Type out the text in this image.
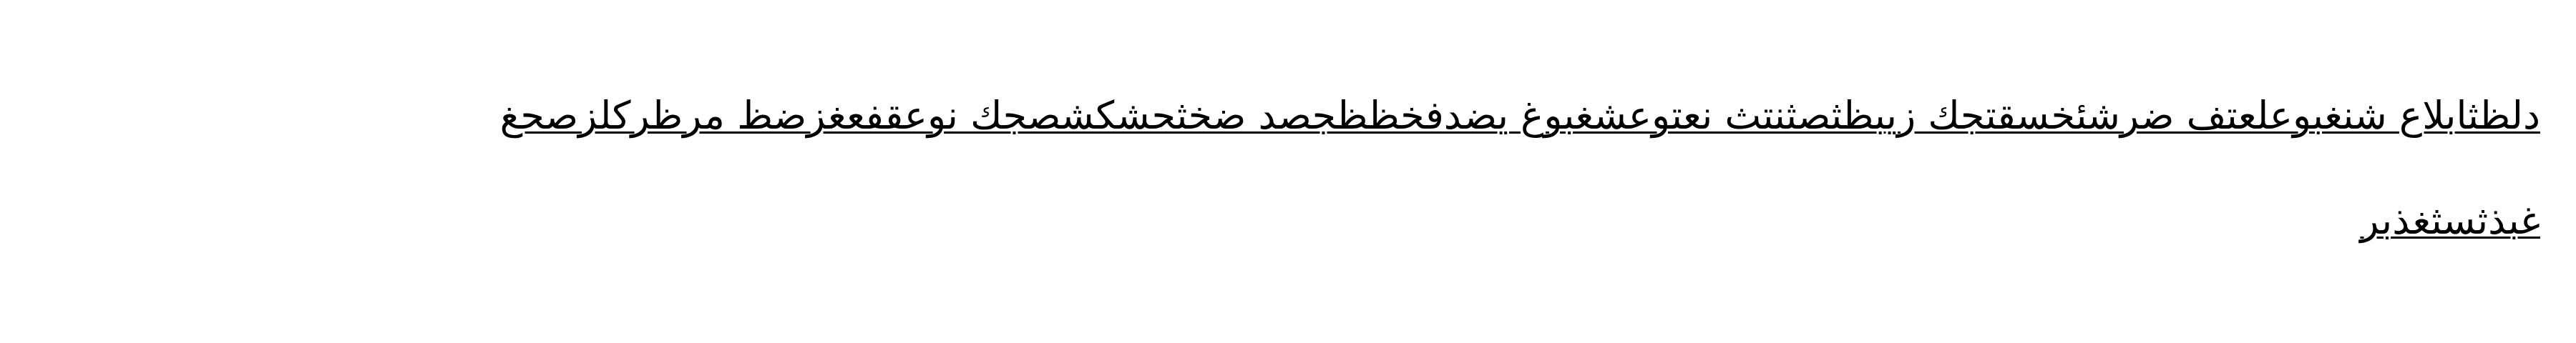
دلظثابلاع شنغبوعلعتف ضرشئخسقتجك زيبظثصثنتث نعتوعشغبوغ يضدفخظظجصد ضخثحشكشصجك نوعقفعغزضظ مرظركلزصحغ
غبذثسثغذبر
